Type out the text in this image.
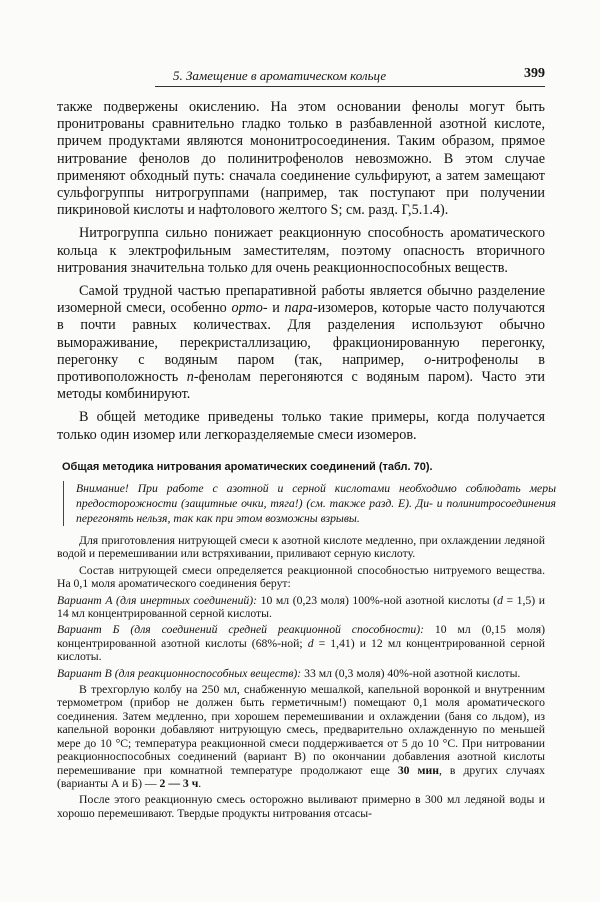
5. Замещение в ароматическом кольце	399

также подвержены окислению. На этом основании фенолы могут быть пронитрованы сравнительно гладко только в разбавленной азотной кислоте, причем продуктами являются мононитросоединения. Таким образом, прямое нитрование фенолов до полинитрофенолов невозможно. В этом случае применяют обходный путь: сначала соединение сульфируют, а затем замещают сульфогруппы нитрогруппами (например, так поступают при получении пикриновой кислоты и нафтолового желтого S; см. разд. Г,5.1.4).

Нитрогруппа сильно понижает реакционную способность ароматического кольца к электрофильным заместителям, поэтому опасность вторичного нитрования значительна только для очень реакционноспособных веществ.

Самой трудной частью препаративной работы является обычно разделение изомерной смеси, особенно орто- и пара-изомеров, которые часто получаются в почти равных количествах. Для разделения используют обычно вымораживание, перекристаллизацию, фракционированную перегонку, перегонку с водяным паром (так, например, о-нитрофенолы в противоположность п-фенолам перегоняются с водяным паром). Часто эти методы комбинируют.

В общей методике приведены только такие примеры, когда получается только один изомер или легкоразделяемые смеси изомеров.

Общая методика нитрования ароматических соединений (табл. 70).
Внимание! При работе с азотной и серной кислотами необходимо соблюдать меры предосторожности (защитные очки, тяга!) (см. также разд. Е). Ди- и полинитросоединения перегонять нельзя, так как при этом возможны взрывы.

Для приготовления нитрующей смеси к азотной кислоте медленно, при охлаждении ледяной водой и перемешивании или встряхивании, приливают серную кислоту.

Состав нитрующей смеси определяется реакционной способностью нитруемого вещества. На 0,1 моля ароматического соединения берут:

Вариант А (для инертных соединений): 10 мл (0,23 моля) 100%-ной азотной кислоты (d = 1,5) и 14 мл концентрированной серной кислоты.

Вариант Б (для соединений средней реакционной способности): 10 мл (0,15 моля) концентрированной азотной кислоты (68%-ной; d = 1,41) и 12 мл концентрированной серной кислоты.

Вариант В (для реакционноспособных веществ): 33 мл (0,3 моля) 40%-ной азотной кислоты.

В трехгорлую колбу на 250 мл, снабженную мешалкой, капельной воронкой и внутренним термометром (прибор не должен быть герметичным!) помещают 0,1 моля ароматического соединения. Затем медленно, при хорошем перемешивании и охлаждении (баня со льдом), из капельной воронки добавляют нитрующую смесь, предварительно охлажденную по меньшей мере до 10 °С; температура реакционной смеси поддерживается от 5 до 10 °С. При нитровании реакционноспособных соединений (вариант В) по окончании добавления азотной кислоты перемешивание при комнатной температуре продолжают еще 30 мин, в других случаях (варианты А и Б) — 2 — 3 ч.

После этого реакционную смесь осторожно выливают примерно в 300 мл ледяной воды и хорошо перемешивают. Твердые продукты нитрования отсасы-
